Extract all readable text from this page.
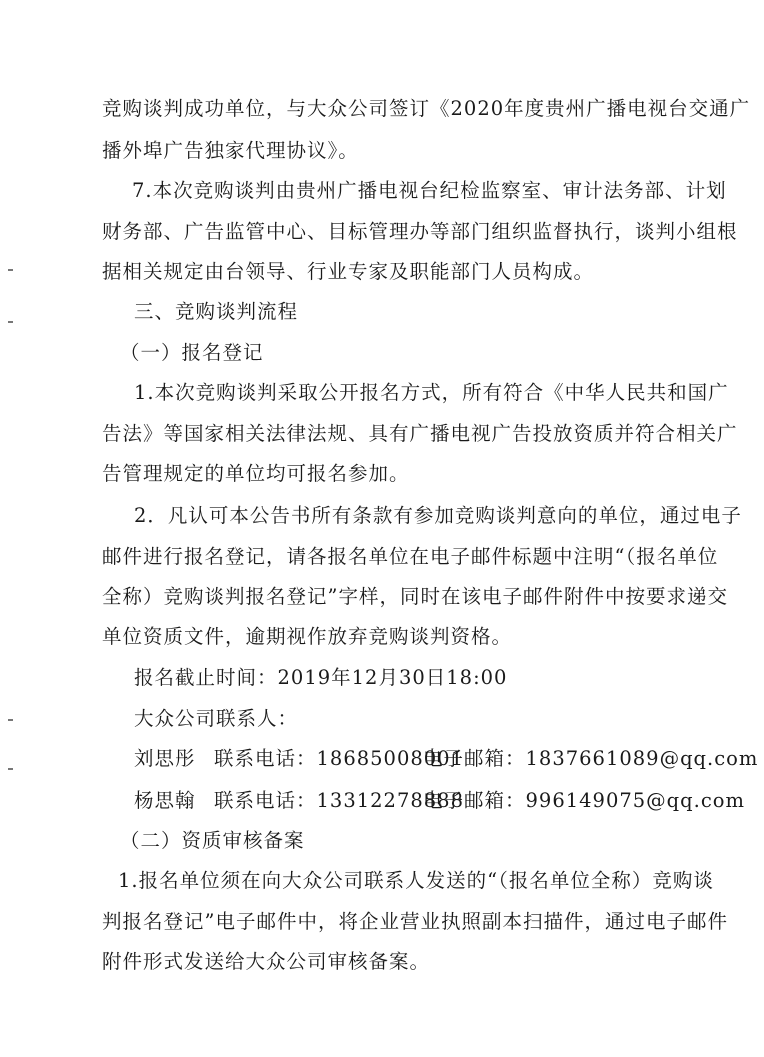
竞购谈判成功单位，与大众公司签订《2020年度贵州广播电视台交通广
播外埠广告独家代理协议》。
7.本次竞购谈判由贵州广播电视台纪检监察室、审计法务部、计划
财务部、广告监管中心、目标管理办等部门组织监督执行，谈判小组根
据相关规定由台领导、行业专家及职能部门人员构成。
三、竞购谈判流程
（一）报名登记
1.本次竞购谈判采取公开报名方式，所有符合《中华人民共和国广
告法》等国家相关法律法规、具有广播电视广告投放资质并符合相关广
告管理规定的单位均可报名参加。
2．凡认可本公告书所有条款有参加竞购谈判意向的单位，通过电子
邮件进行报名登记，请各报名单位在电子邮件标题中注明“（报名单位
全称）竞购谈判报名登记”字样，同时在该电子邮件附件中按要求递交
单位资质文件，逾期视作放弃竞购谈判资格。
报名截止时间：2019年12月30日18:00
大众公司联系人：
刘思彤 联系电话：18685008001
电子邮箱：1837661089@qq.com
杨思翰 联系电话：13312278888
电子邮箱：996149075@qq.com
（二）资质审核备案
1.报名单位须在向大众公司联系人发送的“（报名单位全称）竞购谈
判报名登记”电子邮件中，将企业营业执照副本扫描件，通过电子邮件
附件形式发送给大众公司审核备案。
